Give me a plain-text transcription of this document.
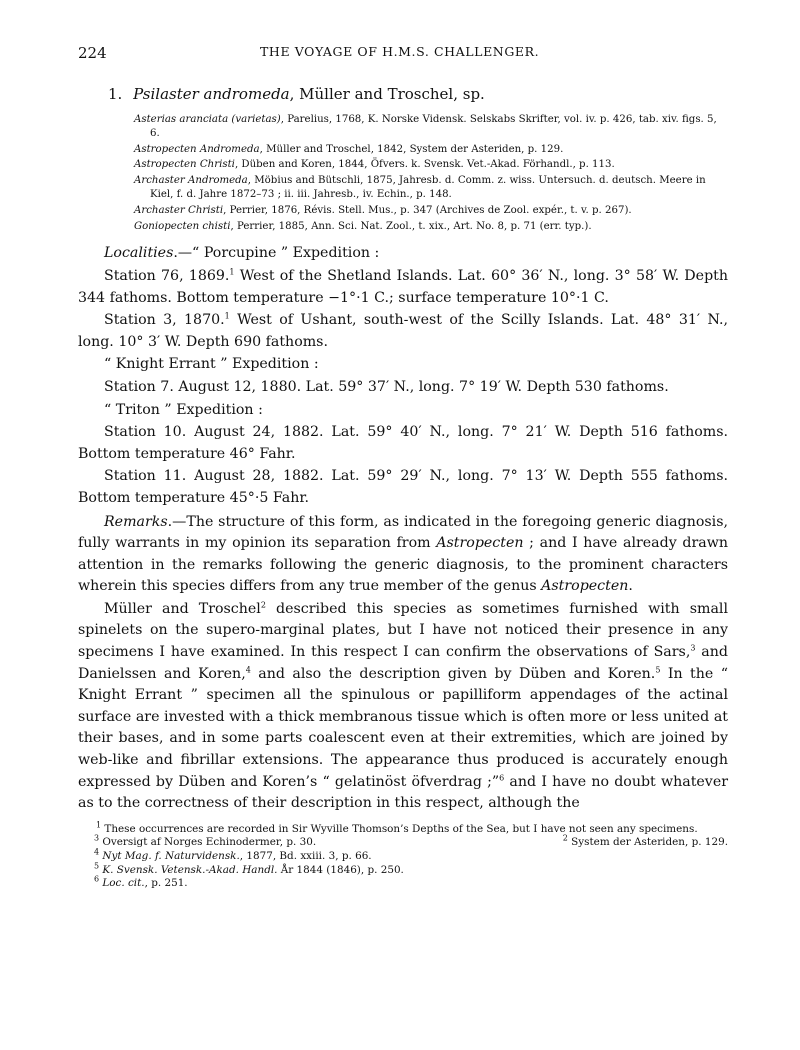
224	THE VOYAGE OF H.M.S. CHALLENGER.
1. Psilaster andromeda, Müller and Troschel, sp.

Asterias aranciata (varietas), Parelius, 1768, K. Norske Vidensk. Selskabs Skrifter, vol. iv. p. 426, tab. xiv. figs. 5, 6.

Astropecten Andromeda, Müller and Troschel, 1842, System der Asteriden, p. 129.

Astropecten Christi, Düben and Koren, 1844, Öfvers. k. Svensk. Vet.-Akad. Förhandl., p. 113.

Archaster Andromeda, Möbius and Bütschli, 1875, Jahresb. d. Comm. z. wiss. Untersuch. d. deutsch. Meere in Kiel, f. d. Jahre 1872–73 ; ii. iii. Jahresb., iv. Echin., p. 148.

Archaster Christi, Perrier, 1876, Révis. Stell. Mus., p. 347 (Archives de Zool. expér., t. v. p. 267).

Goniopecten chisti, Perrier, 1885, Ann. Sci. Nat. Zool., t. xix., Art. No. 8, p. 71 (err. typ.).

Localities.—“ Porcupine ” Expedition :

Station 76, 1869.$^1$ West of the Shetland Islands. Lat. 60° 36′ N., long. 3° 58′ W. Depth 344 fathoms. Bottom temperature −1°·1 C.; surface temperature 10°·1 C.

Station 3, 1870.$^1$ West of Ushant, south-west of the Scilly Islands. Lat. 48° 31′ N., long. 10° 3′ W. Depth 690 fathoms.

“ Knight Errant ” Expedition :

Station 7. August 12, 1880. Lat. 59° 37′ N., long. 7° 19′ W. Depth 530 fathoms.

“ Triton ” Expedition :

Station 10. August 24, 1882. Lat. 59° 40′ N., long. 7° 21′ W. Depth 516 fathoms. Bottom temperature 46° Fahr.

Station 11. August 28, 1882. Lat. 59° 29′ N., long. 7° 13′ W. Depth 555 fathoms. Bottom temperature 45°·5 Fahr.

Remarks.—The structure of this form, as indicated in the foregoing generic diagnosis, fully warrants in my opinion its separation from Astropecten ; and I have already drawn attention in the remarks following the generic diagnosis, to the prominent characters wherein this species differs from any true member of the genus Astropecten.

Müller and Troschel$^2$ described this species as sometimes furnished with small spinelets on the supero-marginal plates, but I have not noticed their presence in any specimens I have examined. In this respect I can confirm the observations of Sars,$^3$ and Danielssen and Koren,$^4$ and also the description given by Düben and Koren.$^5$ In the “ Knight Errant ” specimen all the spinulous or papilliform appendages of the actinal surface are invested with a thick membranous tissue which is often more or less united at their bases, and in some parts coalescent even at their extremities, which are joined by web-like and fibrillar extensions. The appearance thus produced is accurately enough expressed by Düben and Koren’s “ gelatinöst öfverdrag ;”$^6$ and I have no doubt whatever as to the correctness of their description in this respect, although the

$^1$ These occurrences are recorded in Sir Wyville Thomson’s Depths of the Sea, but I have not seen any specimens.
$^2$ System der Asteriden, p. 129.

$^3$ Oversigt af Norges Echinodermer, p. 30.

$^4$ Nyt Mag. f. Naturvidensk., 1877, Bd. xxiii. 3, p. 66.

$^5$ K. Svensk. Vetensk.-Akad. Handl. År 1844 (1846), p. 250.

$^6$ Loc. cit., p. 251.
